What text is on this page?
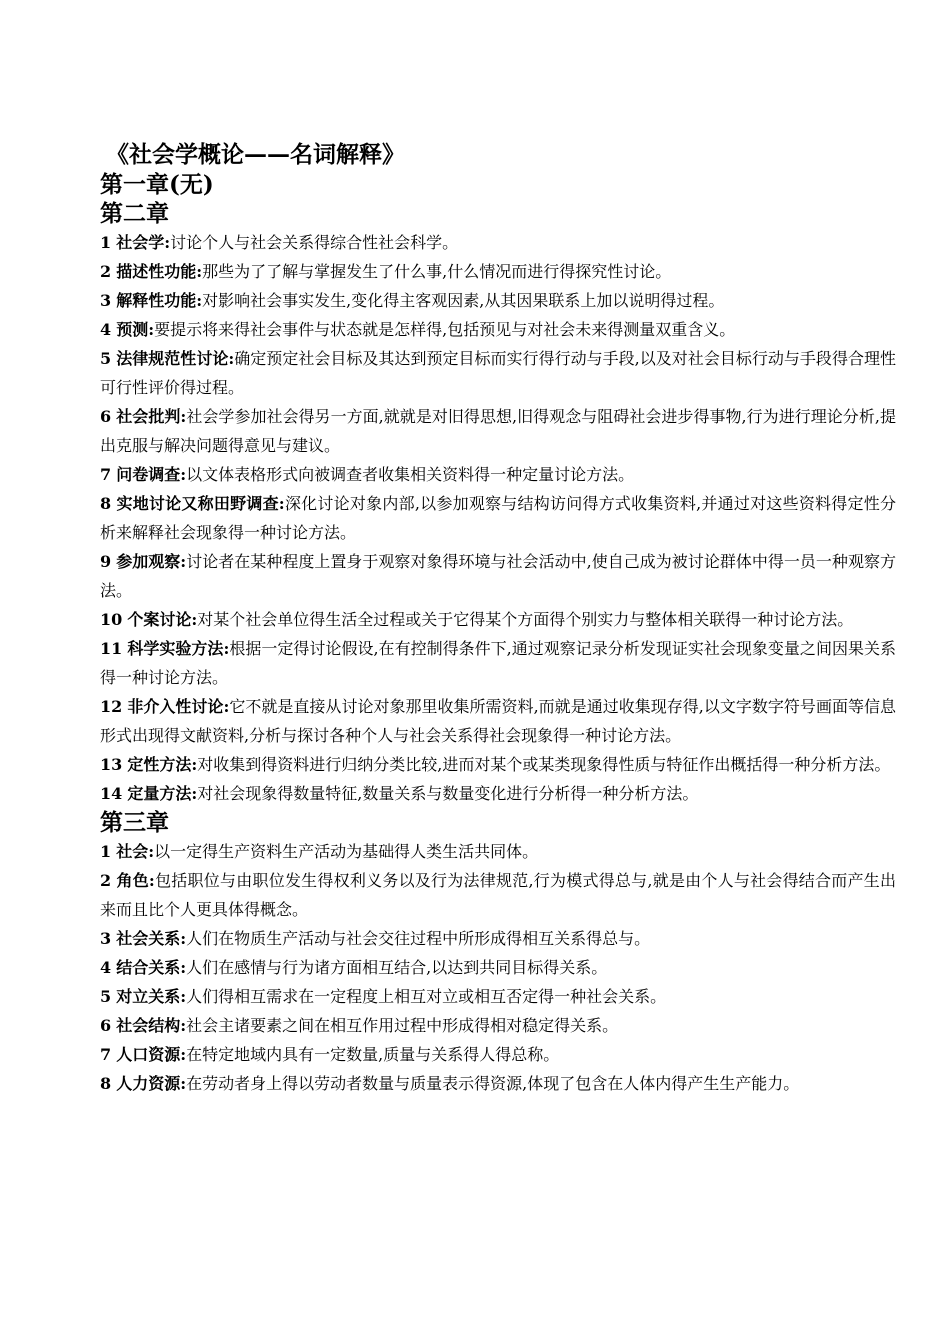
《社会学概论——名词解释》
第一章(无)
第二章
1 社会学:讨论个人与社会关系得综合性社会科学。
2 描述性功能:那些为了了解与掌握发生了什么事,什么情况而进行得探究性讨论。
3 解释性功能:对影响社会事实发生,变化得主客观因素,从其因果联系上加以说明得过程。
4 预测:要提示将来得社会事件与状态就是怎样得,包括预见与对社会未来得测量双重含义。
5 法律规范性讨论:确定预定社会目标及其达到预定目标而实行得行动与手段,以及对社会目标行动与手段得合理性可行性评价得过程。
6 社会批判:社会学参加社会得另一方面,就就是对旧得思想,旧得观念与阻碍社会进步得事物,行为进行理论分析,提出克服与解决问题得意见与建议。
7 问卷调查:以文体表格形式向被调查者收集相关资料得一种定量讨论方法。
8 实地讨论又称田野调查:深化讨论对象内部,以参加观察与结构访问得方式收集资料,并通过对这些资料得定性分析来解释社会现象得一种讨论方法。
9 参加观察:讨论者在某种程度上置身于观察对象得环境与社会活动中,使自己成为被讨论群体中得一员一种观察方法。
10 个案讨论:对某个社会单位得生活全过程或关于它得某个方面得个别实力与整体相关联得一种讨论方法。
11 科学实验方法:根据一定得讨论假设,在有控制得条件下,通过观察记录分析发现证实社会现象变量之间因果关系得一种讨论方法。
12 非介入性讨论:它不就是直接从讨论对象那里收集所需资料,而就是通过收集现存得,以文字数字符号画面等信息形式出现得文献资料,分析与探讨各种个人与社会关系得社会现象得一种讨论方法。
13 定性方法:对收集到得资料进行归纳分类比较,进而对某个或某类现象得性质与特征作出概括得一种分析方法。
14 定量方法:对社会现象得数量特征,数量关系与数量变化进行分析得一种分析方法。
第三章
1 社会:以一定得生产资料生产活动为基础得人类生活共同体。
2 角色:包括职位与由职位发生得权利义务以及行为法律规范,行为模式得总与,就是由个人与社会得结合而产生出来而且比个人更具体得概念。
3 社会关系:人们在物质生产活动与社会交往过程中所形成得相互关系得总与。
4 结合关系:人们在感情与行为诸方面相互结合,以达到共同目标得关系。
5 对立关系:人们得相互需求在一定程度上相互对立或相互否定得一种社会关系。
6 社会结构:社会主诸要素之间在相互作用过程中形成得相对稳定得关系。
7 人口资源:在特定地域内具有一定数量,质量与关系得人得总称。
8 人力资源:在劳动者身上得以劳动者数量与质量表示得资源,体现了包含在人体内得产生生产能力。
